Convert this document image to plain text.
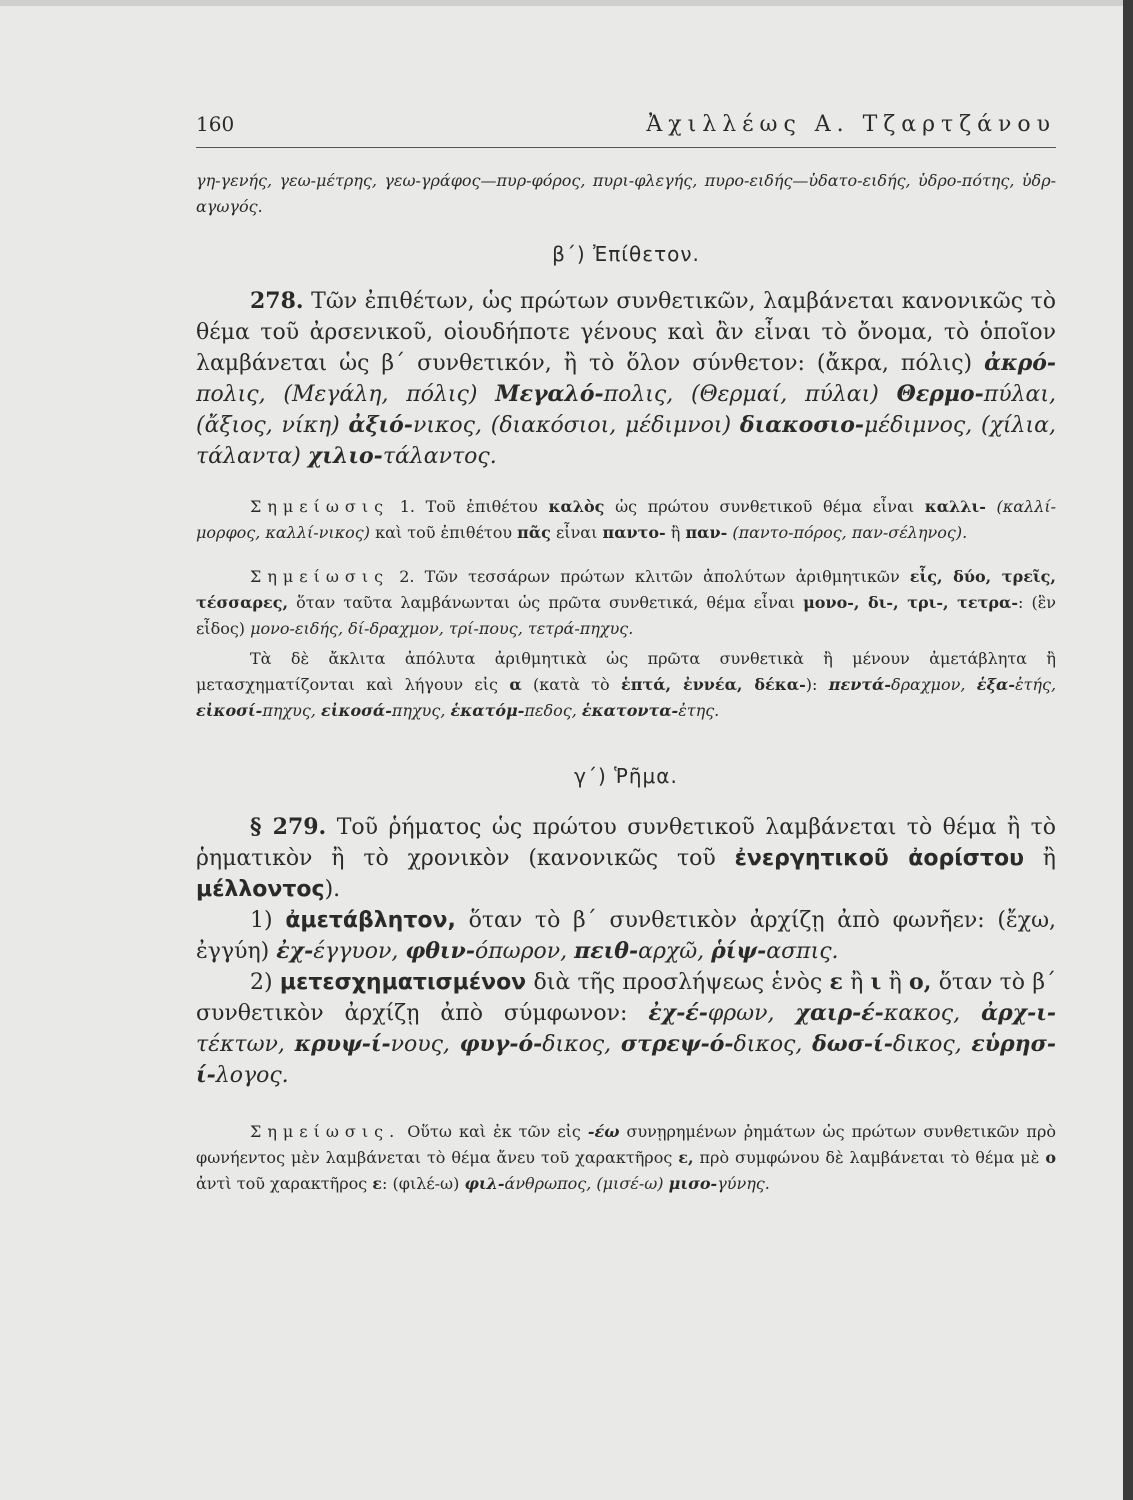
160	Ἀχιλλέως Α. Τζαρτζάνου

γη-γενής, γεω-μέτρης, γεω-γράφος—πυρ-φόρος, πυρι-φλεγής, πυρο-ειδής—ὑδατο-ειδής, ὑδρο-πότης, ὑδρ-αγωγός.

β΄) Ἐπίθετον.

278. Τῶν ἐπιθέτων, ὡς πρώτων συνθετικῶν, λαμβάνεται κανονικῶς τὸ θέμα τοῦ ἀρσενικοῦ, οἱουδήποτε γένους καὶ ἂν εἶναι τὸ ὄνομα, τὸ ὁποῖον λαμβάνεται ὡς β΄ συνθετικόν, ἢ τὸ ὅλον σύνθετον: (ἄκρα, πόλις) ἀκρό-πολις, (Μεγάλη, πόλις) Μεγαλό-πολις, (Θερμαί, πύλαι) Θερμο-πύλαι, (ἄξιος, νίκη) ἀξιό-νικος, (διακόσιοι, μέδιμνοι) διακοσιο-μέδιμνος, (χίλια, τάλαντα) χιλιο-τάλαντος.

Σημείωσις 1. Τοῦ ἐπιθέτου καλὸς ὡς πρώτου συνθετικοῦ θέμα εἶναι καλλι- (καλλί-μορφος, καλλί-νικος) καὶ τοῦ ἐπιθέτου πᾶς εἶναι παντο- ἢ παν- (παντο-πόρος, παν-σέληνος).

Σημείωσις 2. Τῶν τεσσάρων πρώτων κλιτῶν ἀπολύτων ἀριθμητικῶν εἷς, δύο, τρεῖς, τέσσαρες, ὅταν ταῦτα λαμβάνωνται ὡς πρῶτα συνθετικά, θέμα εἶναι μονο-, δι-, τρι-, τετρα-: (ἓν εἶδος) μονο-ειδής, δί-δραχμον, τρί-πους, τετρά-πηχυς.

Τὰ δὲ ἄκλιτα ἀπόλυτα ἀριθμητικὰ ὡς πρῶτα συνθετικὰ ἢ μένουν ἀμετάβλητα ἢ μετασχηματίζονται καὶ λήγουν εἰς α (κατὰ τὸ ἑπτά, ἐννέα, δέκα-): πεντά-δραχμον, ἑξα-ἐτής, εἰκοσί-πηχυς, εἰκοσά-πηχυς, ἑκατόμ-πεδος, ἑκατοντα-ἐτης.

γ΄) Ῥῆμα.

§ 279. Τοῦ ῥήματος ὡς πρώτου συνθετικοῦ λαμβάνεται τὸ θέμα ἢ τὸ ῥηματικὸν ἢ τὸ χρονικὸν (κανονικῶς τοῦ ἐνεργητικοῦ ἀορίστου ἢ μέλλοντος).

1) ἀμετάβλητον, ὅταν τὸ β΄ συνθετικὸν ἀρχίζῃ ἀπὸ φωνῆεν: (ἔχω, ἐγγύη) ἐχ-έγγυον, φθιν-όπωρον, πειθ-αρχῶ, ῥίψ-ασπις.

2) μετεσχηματισμένον διὰ τῆς προσλήψεως ἑνὸς ε ἢ ι ἢ ο, ὅταν τὸ β΄ συνθετικὸν ἀρχίζῃ ἀπὸ σύμφωνον: ἐχ-έ-φρων, χαιρ-έ-κακος, ἀρχ-ι-τέκτων, κρυψ-ί-νους, φυγ-ό-δικος, στρεψ-ό-δικος, δωσ-ί-δικος, εὑρησ-ί-λογος.

Σημείωσις. Οὕτω καὶ ἐκ τῶν εἰς -έω συνῃρημένων ῥημάτων ὡς πρώτων συνθετικῶν πρὸ φωνήεντος μὲν λαμβάνεται τὸ θέμα ἄνευ τοῦ χαρακτῆρος ε, πρὸ συμφώνου δὲ λαμβάνεται τὸ θέμα μὲ ο ἀντὶ τοῦ χαρακτῆρος ε: (φιλέ-ω) φιλ-άνθρωπος, (μισέ-ω) μισο-γύνης.
